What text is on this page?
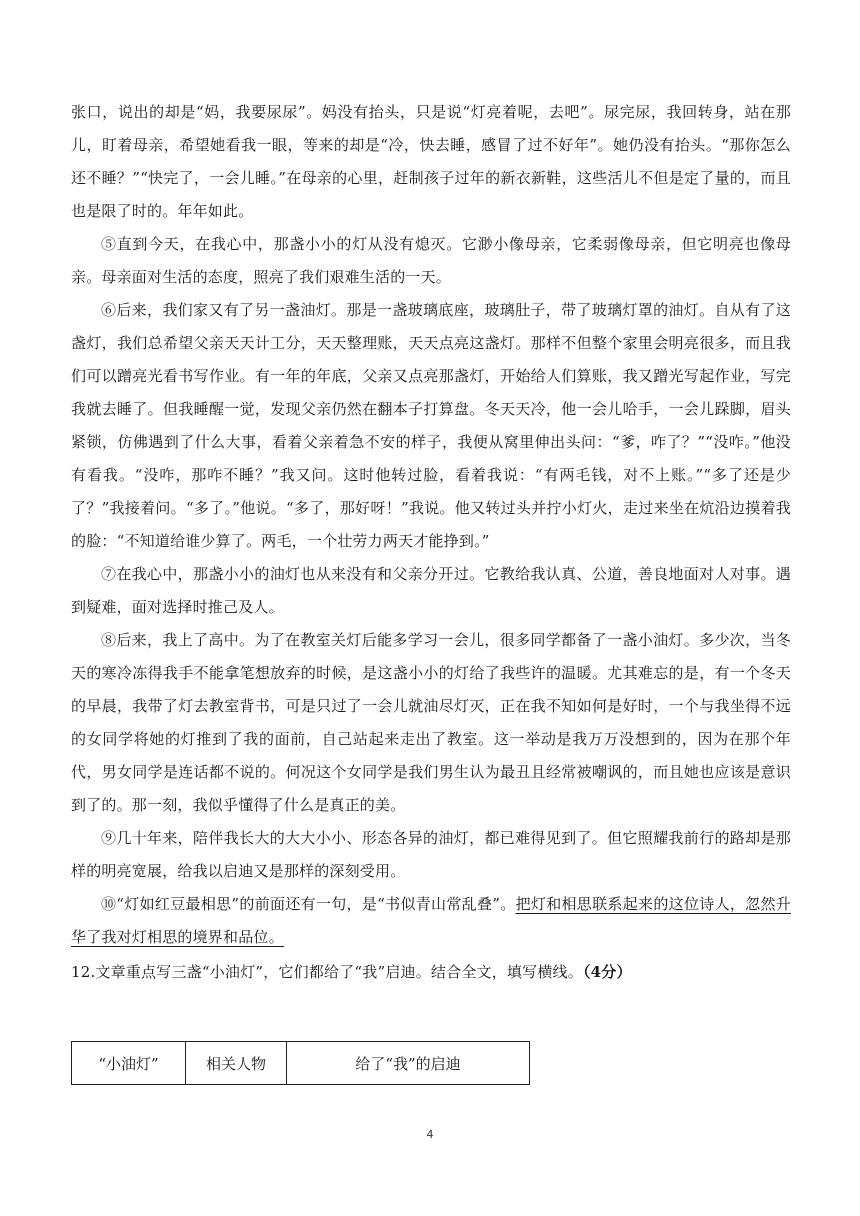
张口，说出的却是“妈，我要尿尿”。妈没有抬头，只是说“灯亮着呢，去吧”。尿完尿，我回转身，站在那儿，盯着母亲，希望她看我一眼，等来的却是“冷，快去睡，感冒了过不好年”。她仍没有抬头。“那你怎么还不睡？”“快完了，一会儿睡。”在母亲的心里，赶制孩子过年的新衣新鞋，这些活儿不但是定了量的，而且也是限了时的。年年如此。

⑤直到今天，在我心中，那盏小小的灯从没有熄灭。它渺小像母亲，它柔弱像母亲，但它明亮也像母亲。母亲面对生活的态度，照亮了我们艰难生活的一天。

⑥后来，我们家又有了另一盏油灯。那是一盏玻璃底座，玻璃肚子，带了玻璃灯罩的油灯。自从有了这盏灯，我们总希望父亲天天计工分，天天整理账，天天点亮这盏灯。那样不但整个家里会明亮很多，而且我们可以蹭亮光看书写作业。有一年的年底，父亲又点亮那盏灯，开始给人们算账，我又蹭光写起作业，写完我就去睡了。但我睡醒一觉，发现父亲仍然在翻本子打算盘。冬天天冷，他一会儿哈手，一会儿跺脚，眉头紧锁，仿佛遇到了什么大事，看着父亲着急不安的样子，我便从窝里伸出头问：“爹，咋了？”“没咋。”他没有看我。“没咋，那咋不睡？”我又问。这时他转过脸，看着我说：“有两毛钱，对不上账。”“多了还是少了？”我接着问。“多了。”他说。“多了，那好呀！”我说。他又转过头并拧小灯火，走过来坐在炕沿边摸着我的脸：“不知道给谁少算了。两毛，一个壮劳力两天才能挣到。”

⑦在我心中，那盏小小的油灯也从来没有和父亲分开过。它教给我认真、公道，善良地面对人对事。遇到疑难，面对选择时推己及人。

⑧后来，我上了高中。为了在教室关灯后能多学习一会儿，很多同学都备了一盏小油灯。多少次，当冬天的寒冷冻得我手不能拿笔想放弃的时候，是这盏小小的灯给了我些许的温暖。尤其难忘的是，有一个冬天的早晨，我带了灯去教室背书，可是只过了一会儿就油尽灯灭，正在我不知如何是好时，一个与我坐得不远的女同学将她的灯推到了我的面前，自己站起来走出了教室。这一举动是我万万没想到的，因为在那个年代，男女同学是连话都不说的。何况这个女同学是我们男生认为最丑且经常被嘲讽的，而且她也应该是意识到了的。那一刻，我似乎懂得了什么是真正的美。

⑨几十年来，陪伴我长大的大大小小、形态各异的油灯，都已难得见到了。但它照耀我前行的路却是那样的明亮宽展，给我以启迪又是那样的深刻受用。

⑩“灯如红豆最相思”的前面还有一句，是“书似青山常乱叠”。把灯和相思联系起来的这位诗人，忽然升华了我对灯相思的境界和品位。

12.文章重点写三盏“小油灯”，它们都给了“我”启迪。结合全文，填写横线。（4分）

“小油灯”	相关人物	给了“我”的启迪
4
